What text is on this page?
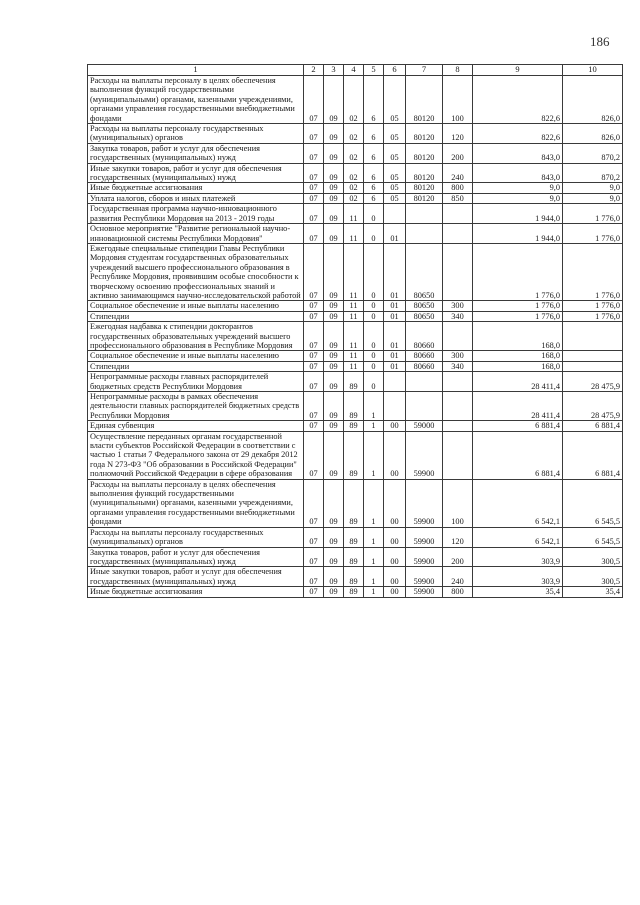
186
1	2	3	4	5	6	7	8	9	10
Расходы на выплаты персоналу в целях обеспечения выполнения функций государственными (муниципальными) органами, казенными учреждениями, органами управления государственными внебюджетными фондами	07	09	02	6	05	80120	100	822,6	826,0
Расходы на выплаты персоналу государственных (муниципальных) органов	07	09	02	6	05	80120	120	822,6	826,0
Закупка товаров, работ и услуг для обеспечения государственных (муниципальных) нужд	07	09	02	6	05	80120	200	843,0	870,2
Иные закупки товаров, работ и услуг для обеспечения государственных (муниципальных) нужд	07	09	02	6	05	80120	240	843,0	870,2
Иные бюджетные ассигнования	07	09	02	6	05	80120	800	9,0	9,0
Уплата налогов, сборов и иных платежей	07	09	02	6	05	80120	850	9,0	9,0
Государственная программа научно-инновационного развития Республики Мордовия на 2013 - 2019 годы	07	09	11	0				1 944,0	1 776,0
Основное мероприятие "Развитие региональной научно-инновационной системы Республики Мордовия"	07	09	11	0	01			1 944,0	1 776,0
Ежегодные специальные стипендии Главы Республики Мордовия студентам государственных образовательных учреждений высшего профессионального образования в Республике Мордовия, проявившим особые способности к творческому освоению профессиональных знаний и активно занимающимся научно-исследовательской работой	07	09	11	0	01	80650		1 776,0	1 776,0
Социальное обеспечение и иные выплаты населению	07	09	11	0	01	80650	300	1 776,0	1 776,0
Стипендии	07	09	11	0	01	80650	340	1 776,0	1 776,0
Ежегодная надбавка к стипендии докторантов государственных образовательных учреждений высшего профессионального образования в Республике Мордовия	07	09	11	0	01	80660		168,0	
Социальное обеспечение и иные выплаты населению	07	09	11	0	01	80660	300	168,0	
Стипендии	07	09	11	0	01	80660	340	168,0	
Непрограммные расходы главных распорядителей бюджетных средств Республики Мордовия	07	09	89	0				28 411,4	28 475,9
Непрограммные расходы в рамках обеспечения деятельности главных распорядителей бюджетных средств Республики Мордовия	07	09	89	1				28 411,4	28 475,9
Единая субвенция	07	09	89	1	00	59000		6 881,4	6 881,4
Осуществление переданных органам государственной власти субъектов Российской Федерации в соответствии с частью 1 статьи 7 Федерального закона от 29 декабря 2012 года N 273-ФЗ "Об образовании в Российской Федерации" полномочий Российской Федерации в сфере образования	07	09	89	1	00	59900		6 881,4	6 881,4
Расходы на выплаты персоналу в целях обеспечения выполнения функций государственными (муниципальными) органами, казенными учреждениями, органами управления государственными внебюджетными фондами	07	09	89	1	00	59900	100	6 542,1	6 545,5
Расходы на выплаты персоналу государственных (муниципальных) органов	07	09	89	1	00	59900	120	6 542,1	6 545,5
Закупка товаров, работ и услуг для обеспечения государственных (муниципальных) нужд	07	09	89	1	00	59900	200	303,9	300,5
Иные закупки товаров, работ и услуг для обеспечения государственных (муниципальных) нужд	07	09	89	1	00	59900	240	303,9	300,5
Иные бюджетные ассигнования	07	09	89	1	00	59900	800	35,4	35,4
